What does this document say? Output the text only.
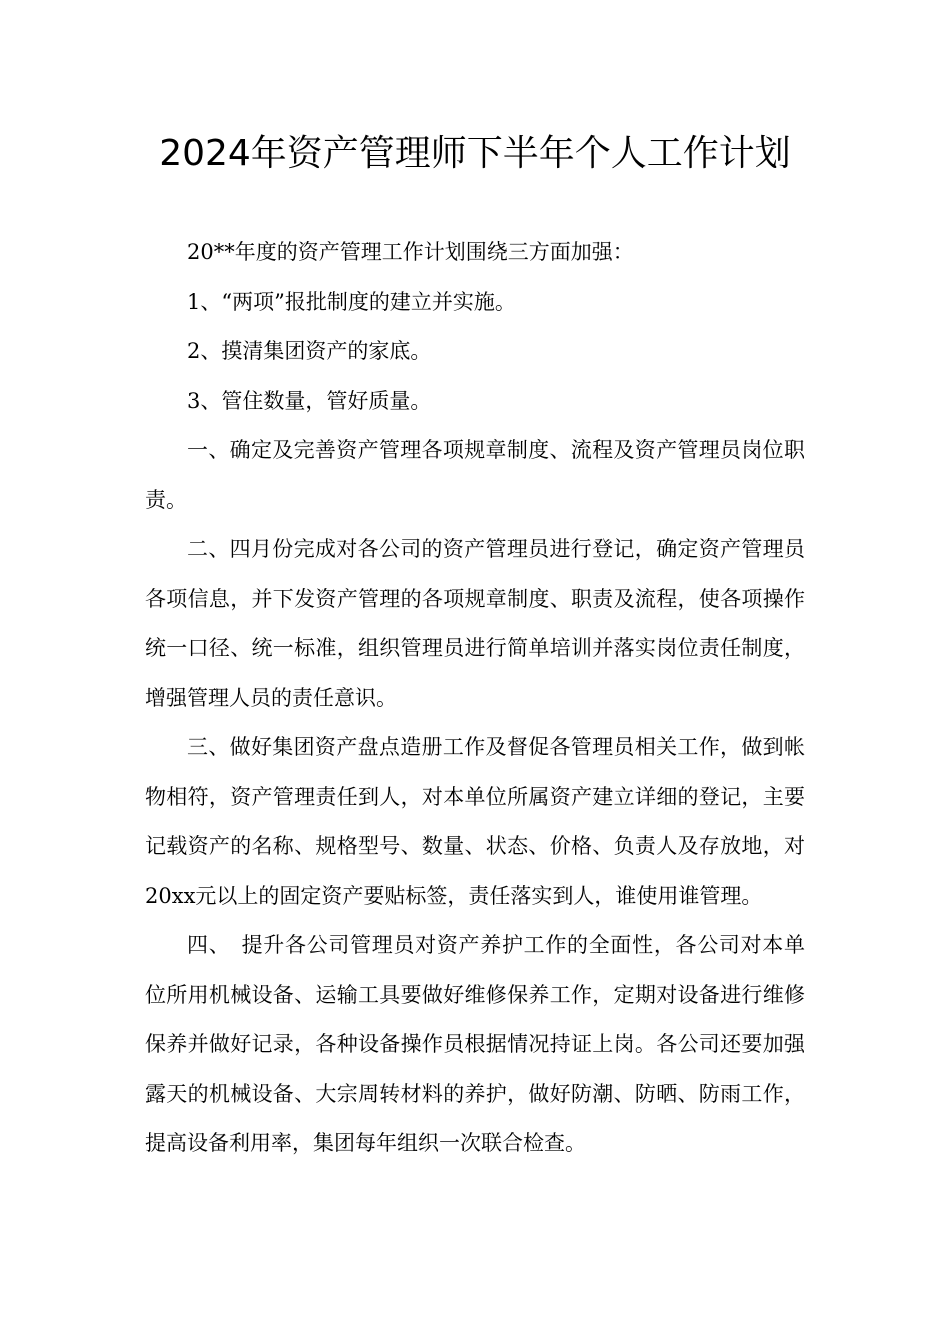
2024年资产管理师下半年个人工作计划

20**年度的资产管理工作计划围绕三方面加强：

1、“两项”报批制度的建立并实施。

2、摸清集团资产的家底。

3、管住数量，管好质量。

一、确定及完善资产管理各项规章制度、流程及资产管理员岗位职责。

二、四月份完成对各公司的资产管理员进行登记，确定资产管理员各项信息，并下发资产管理的各项规章制度、职责及流程，使各项操作统一口径、统一标准，组织管理员进行简单培训并落实岗位责任制度，增强管理人员的责任意识。

三、做好集团资产盘点造册工作及督促各管理员相关工作，做到帐物相符，资产管理责任到人，对本单位所属资产建立详细的登记，主要记载资产的名称、规格型号、数量、状态、价格、负责人及存放地，对20xx元以上的固定资产要贴标签，责任落实到人，谁使用谁管理。

四、　提升各公司管理员对资产养护工作的全面性，各公司对本单位所用机械设备、运输工具要做好维修保养工作，定期对设备进行维修保养并做好记录，各种设备操作员根据情况持证上岗。各公司还要加强露天的机械设备、大宗周转材料的养护，做好防潮、防晒、防雨工作，提高设备利用率，集团每年组织一次联合检查。
